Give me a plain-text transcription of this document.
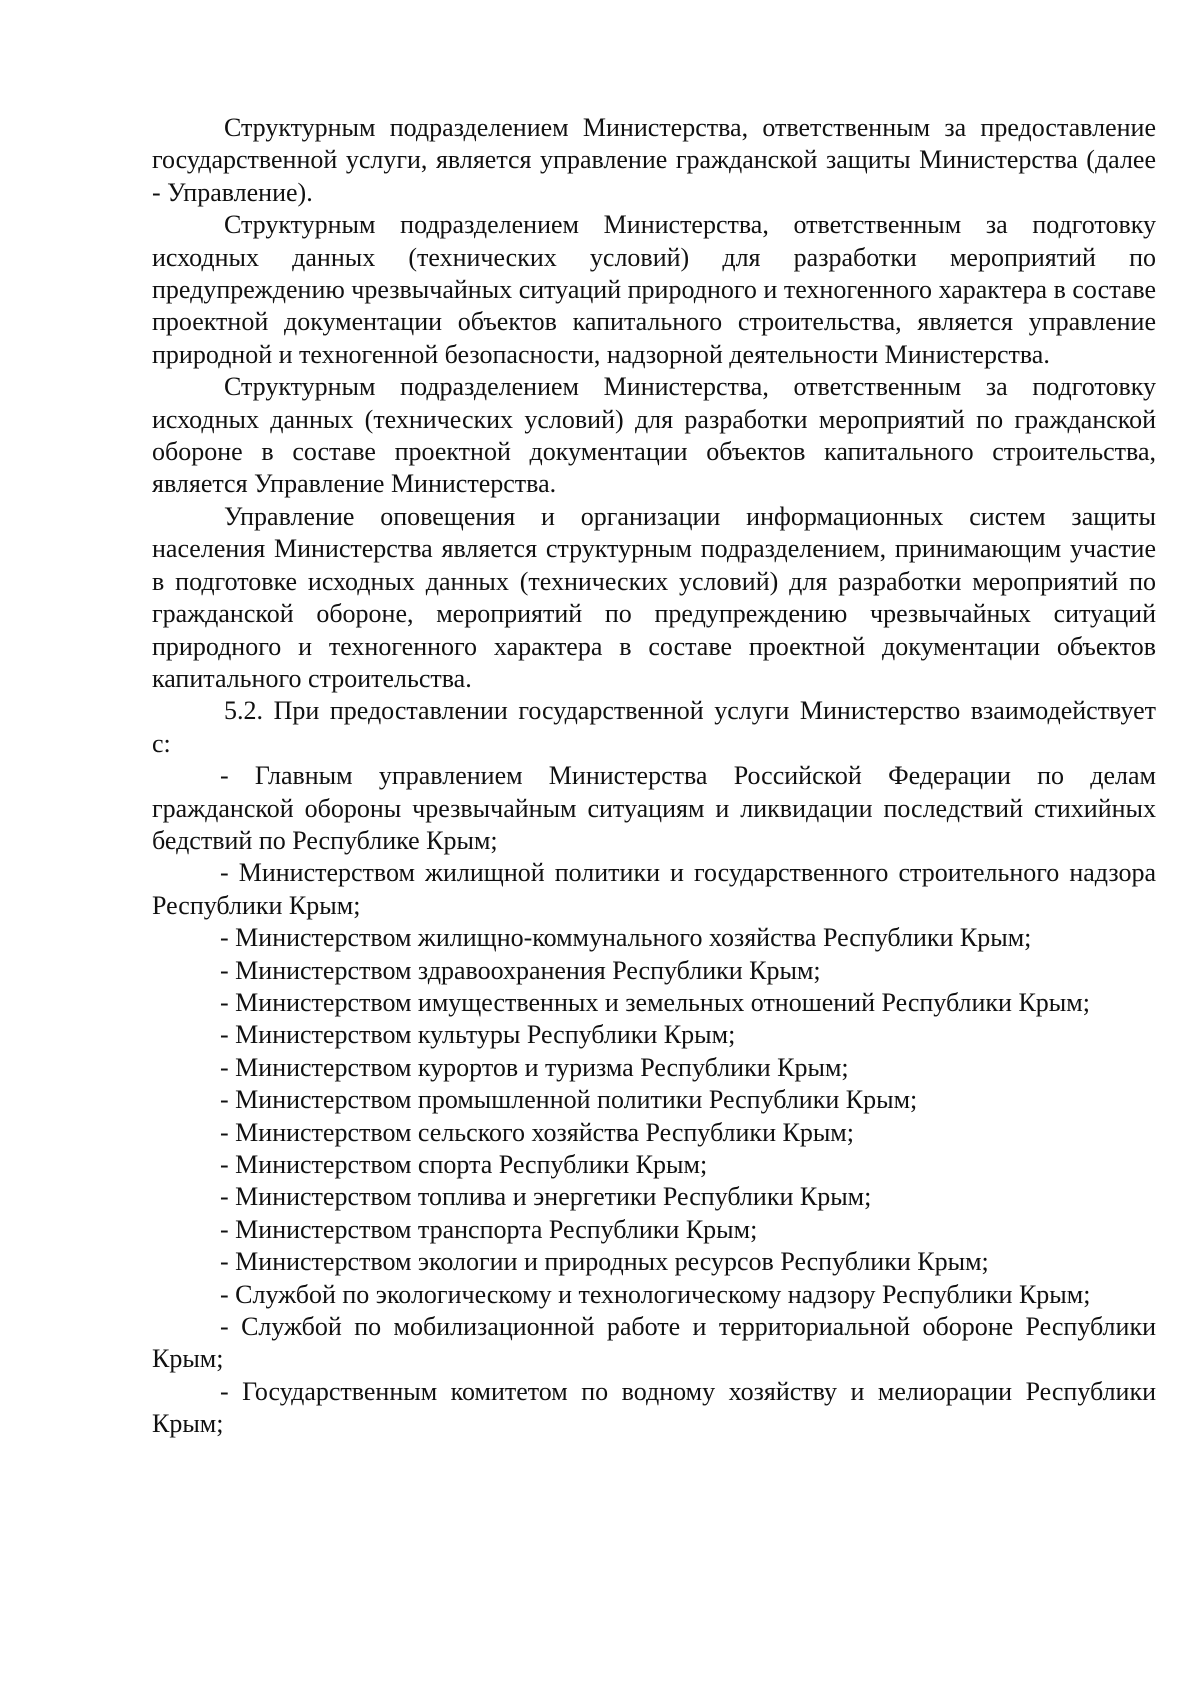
Структурным подразделением Министерства, ответственным за предоставление государственной услуги, является управление гражданской защиты Министерства (далее - Управление).

Структурным подразделением Министерства, ответственным за подготовку исходных данных (технических условий) для разработки мероприятий по предупреждению чрезвычайных ситуаций природного и техногенного характера в составе проектной документации объектов капитального строительства, является управление природной и техногенной безопасности, надзорной деятельности Министерства.

Структурным подразделением Министерства, ответственным за подготовку исходных данных (технических условий) для разработки мероприятий по гражданской обороне в составе проектной документации объектов капитального строительства, является Управление Министерства.

Управление оповещения и организации информационных систем защиты населения Министерства является структурным подразделением, принимающим участие в подготовке исходных данных (технических условий) для разработки мероприятий по гражданской обороне, мероприятий по предупреждению чрезвычайных ситуаций природного и техногенного характера в составе проектной документации объектов капитального строительства.

5.2. При предоставлении государственной услуги Министерство взаимодействует с:

- Главным управлением Министерства Российской Федерации по делам гражданской обороны чрезвычайным ситуациям и ликвидации последствий стихийных бедствий по Республике Крым;

- Министерством жилищной политики и государственного строительного надзора Республики Крым;

- Министерством жилищно-коммунального хозяйства Республики Крым;

- Министерством здравоохранения Республики Крым;

- Министерством имущественных и земельных отношений Республики Крым;

- Министерством культуры Республики Крым;

- Министерством курортов и туризма Республики Крым;

- Министерством промышленной политики Республики Крым;

- Министерством сельского хозяйства Республики Крым;

- Министерством спорта Республики Крым;

- Министерством топлива и энергетики Республики Крым;

- Министерством транспорта Республики Крым;

- Министерством экологии и природных ресурсов Республики Крым;

- Службой по экологическому и технологическому надзору Республики Крым;

- Службой по мобилизационной работе и территориальной обороне Республики Крым;

- Государственным комитетом по водному хозяйству и мелиорации Республики Крым;
